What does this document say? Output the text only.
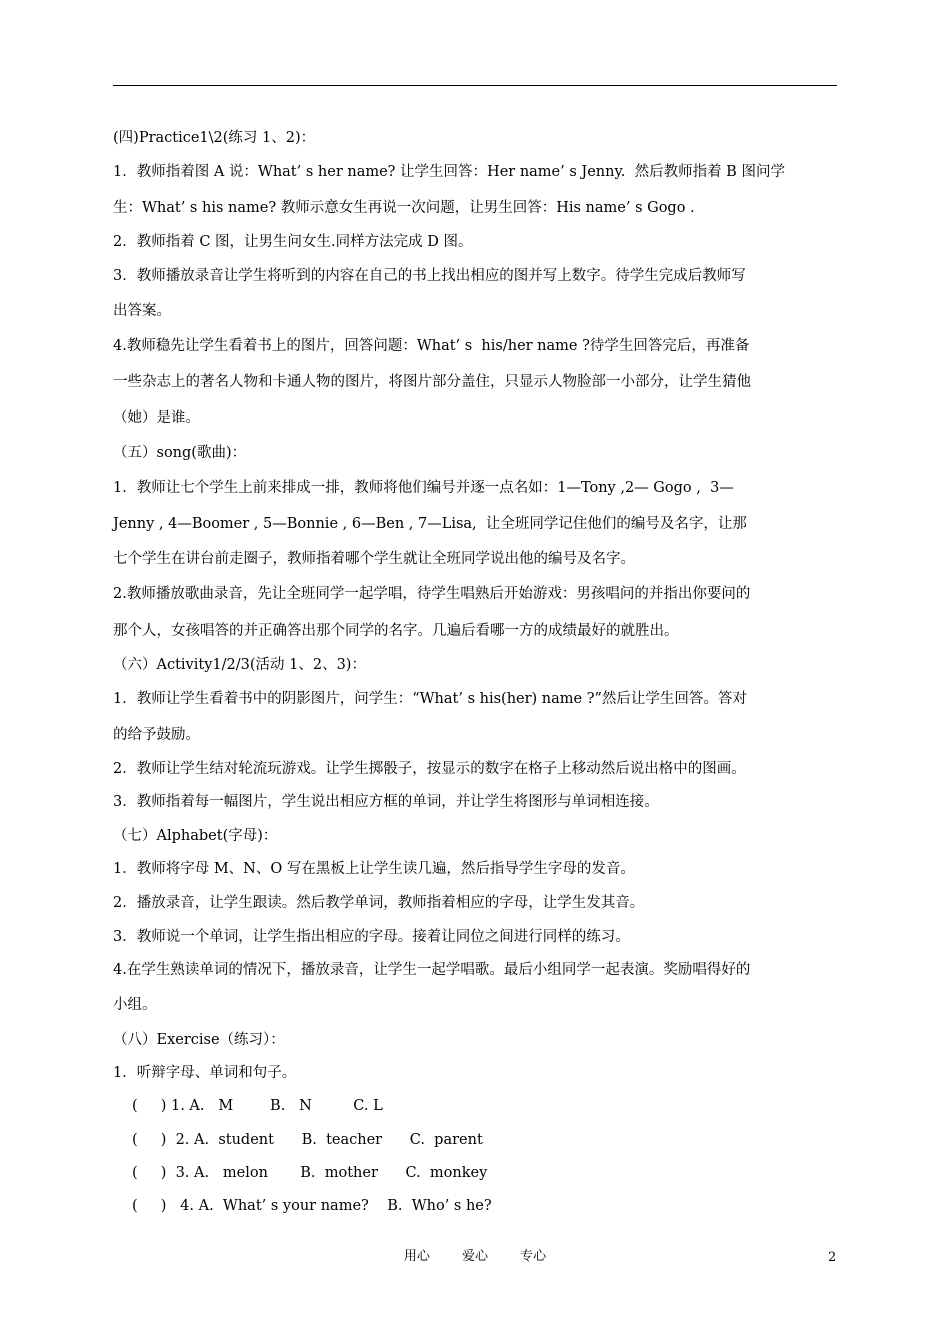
(四)Practice1\2(练习 1、2)：
1．教师指着图 A 说：What’ s her name? 让学生回答：Her name’ s Jenny.  然后教师指着 B 图问学
生：What’ s his name? 教师示意女生再说一次问题，让男生回答：His name’ s Gogo .
2．教师指着 C 图，让男生问女生.同样方法完成 D 图。
3．教师播放录音让学生将听到的内容在自己的书上找出相应的图并写上数字。待学生完成后教师写
出答案。
4.教师稳先让学生看着书上的图片，回答问题：What’ s  his/her name ?待学生回答完后，再准备
一些杂志上的著名人物和卡通人物的图片，将图片部分盖住，只显示人物脸部一小部分，让学生猜他
（她）是谁。
（五）song(歌曲)：
1．教师让七个学生上前来排成一排，教师将他们编号并逐一点名如：1—Tony ,2— Gogo ,  3—
Jenny , 4—Boomer , 5—Bonnie , 6—Ben , 7—Lisa,  让全班同学记住他们的编号及名字，让那
七个学生在讲台前走圈子，教师指着哪个学生就让全班同学说出他的编号及名字。
2.教师播放歌曲录音，先让全班同学一起学唱，待学生唱熟后开始游戏：男孩唱问的并指出你要问的
那个人，女孩唱答的并正确答出那个同学的名字。几遍后看哪一方的成绩最好的就胜出。
（六）Activity1/2/3(活动 1、2、3)：
1．教师让学生看着书中的阴影图片，问学生：“What’ s his(her) name ?”然后让学生回答。答对
的给予鼓励。
2．教师让学生结对轮流玩游戏。让学生掷骰子，按显示的数字在格子上移动然后说出格中的图画。
3．教师指着每一幅图片，学生说出相应方框的单词，并让学生将图形与单词相连接。
（七）Alphabet(字母)：
1．教师将字母 M、N、O 写在黑板上让学生读几遍，然后指导学生字母的发音。
2．播放录音，让学生跟读。然后教学单词，教师指着相应的字母，让学生发其音。
3．教师说一个单词，让学生指出相应的字母。接着让同位之间进行同样的练习。
4.在学生熟读单词的情况下，播放录音，让学生一起学唱歌。最后小组同学一起表演。奖励唱得好的
小组。
（八）Exercise（练习）：
1．听辩字母、单词和句子。
(     ) 1. A.   M        B.   N         C. L
(     )  2. A.  student      B.  teacher      C.  parent
(     )  3. A.   melon       B.  mother      C.  monkey
(     )   4. A.  What’ s your name?    B.  Who’ s he?
用心 爱心 专心	2
